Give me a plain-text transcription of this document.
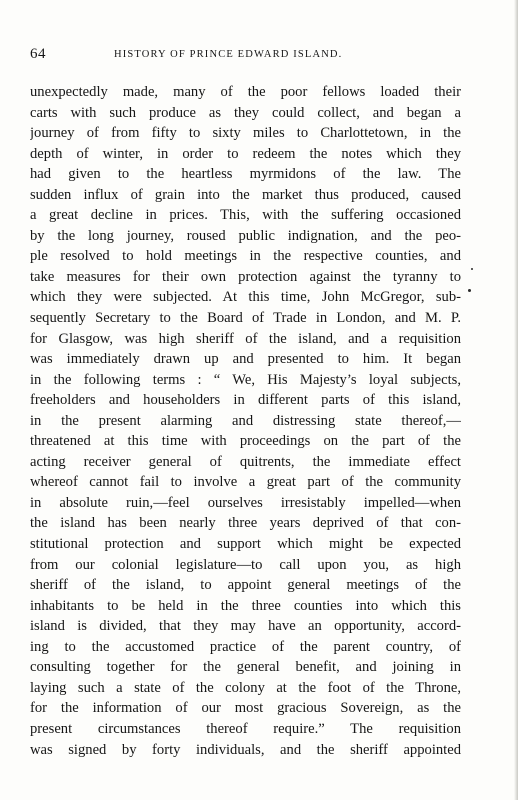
64	HISTORY OF PRINCE EDWARD ISLAND.
unexpectedly made, many of the poor fellows loaded their
carts with such produce as they could collect, and began a
journey of from fifty to sixty miles to Charlottetown, in the
depth of winter, in order to redeem the notes which they
had given to the heartless myrmidons of the law. The
sudden influx of grain into the market thus produced, caused
a great decline in prices. This, with the suffering occasioned
by the long journey, roused public indignation, and the peo-
ple resolved to hold meetings in the respective counties, and
take measures for their own protection against the tyranny to
which they were subjected. At this time, John McGregor, sub-
sequently Secretary to the Board of Trade in London, and M. P.
for Glasgow, was high sheriff of the island, and a requisition
was immediately drawn up and presented to him. It began
in the following terms : “ We, His Majesty’s loyal subjects,
freeholders and householders in different parts of this island,
in the present alarming and distressing state thereof,—
threatened at this time with proceedings on the part of the
acting receiver general of quitrents, the immediate effect
whereof cannot fail to involve a great part of the community
in absolute ruin,—feel ourselves irresistably impelled—when
the island has been nearly three years deprived of that con-
stitutional protection and support which might be expected
from our colonial legislature—to call upon you, as high
sheriff of the island, to appoint general meetings of the
inhabitants to be held in the three counties into which this
island is divided, that they may have an opportunity, accord-
ing to the accustomed practice of the parent country, of
consulting together for the general benefit, and joining in
laying such a state of the colony at the foot of the Throne,
for the information of our most gracious Sovereign, as the
present circumstances thereof require.” The requisition
was signed by forty individuals, and the sheriff appointed
